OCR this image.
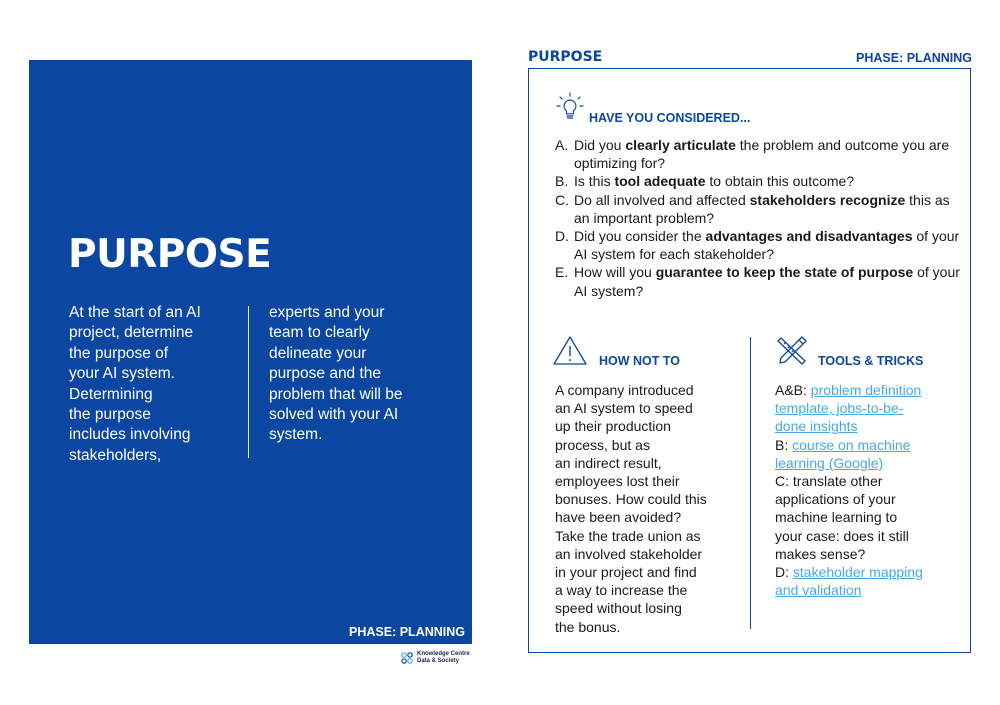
PURPOSE
At the start of an AI
project, determine
the purpose of
your AI system.
Determining
the purpose
includes involving
stakeholders,
experts and your
team to clearly
delineate your
purpose and the
problem that will be
solved with your AI
system.
PHASE: PLANNING
Knowledge Centre
Data & Society
PURPOSE	PHASE: PLANNING
HAVE YOU CONSIDERED...
A. Did you clearly articulate the problem and outcome you are optimizing for?
B. Is this tool adequate to obtain this outcome?
C. Do all involved and affected stakeholders recognize this as an important problem?
D. Did you consider the advantages and disadvantages of your AI system for each stakeholder?
E. How will you guarantee to keep the state of purpose of your AI system?
HOW NOT TO
A company introduced
an AI system to speed
up their production
process, but as
an indirect result,
employees lost their
bonuses. How could this
have been avoided?
Take the trade union as
an involved stakeholder
in your project and find
a way to increase the
speed without losing
the bonus.
TOOLS & TRICKS
A&B: problem definition
template, jobs-to-be-
done insights
B: course on machine
learning (Google)
C: translate other
applications of your
machine learning to
your case: does it still
makes sense?
D: stakeholder mapping
and validation
